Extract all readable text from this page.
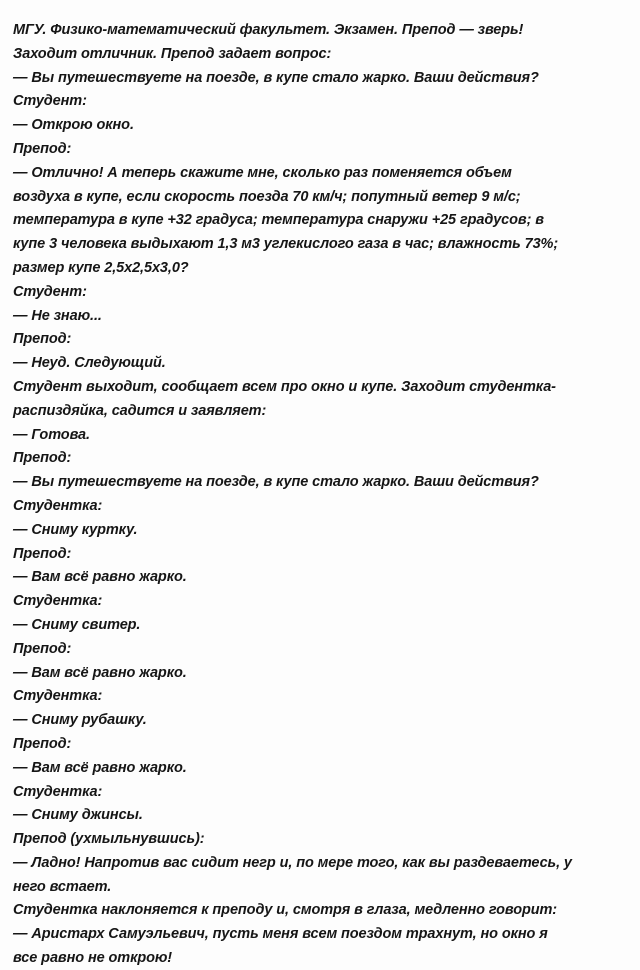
МГУ. Физико-математический факультет. Экзамен. Препод — зверь!
Заходит отличник. Препод задает вопрос:
— Вы путешествуете на поезде, в купе стало жарко. Ваши действия?
Студент:
— Открою окно.
Препод:
— Отлично! А теперь скажите мне, сколько раз поменяется объем
воздуха в купе, если скорость поезда 70 км/ч; попутный ветер 9 м/с;
температура в купе +32 градуса; температура снаружи +25 градусов; в
купе 3 человека выдыхают 1,3 м3 углекислого газа в час; влажность 73%;
размер купе 2,5х2,5х3,0?
Студент:
— Не знаю...
Препод:
— Неуд. Следующий.
Студент выходит, сообщает всем про окно и купе. Заходит студентка-
распиздяйка, садится и заявляет:
— Готова.
Препод:
— Вы путешествуете на поезде, в купе стало жарко. Ваши действия?
Студентка:
— Сниму куртку.
Препод:
— Вам всё равно жарко.
Студентка:
— Сниму свитер.
Препод:
— Вам всё равно жарко.
Студентка:
— Сниму рубашку.
Препод:
— Вам всё равно жарко.
Студентка:
— Сниму джинсы.
Препод (ухмыльнувшись):
— Ладно! Напротив вас сидит негр и, по мере того, как вы раздеваетесь, у
него встает.
Студентка наклоняется к преподу и, смотря в глаза, медленно говорит:
— Аристарх Самуэльевич, пусть меня всем поездом трахнут, но окно я
все равно не открою!
